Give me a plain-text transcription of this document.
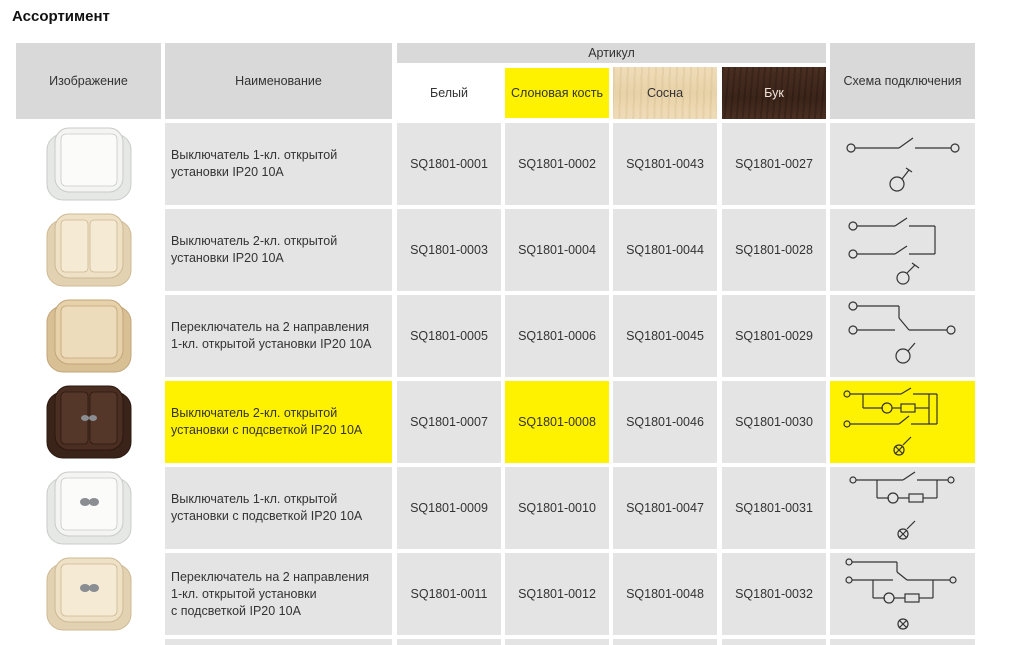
Ассортимент
Изображение	Наименование
Артикул
Белый	Слоновая кость	Сосна	Бук
Схема подключения
Выключатель 1-кл. открытой
установки IP20 10А
SQ1801-0001	SQ1801-0002	SQ1801-0043	SQ1801-0027
Выключатель 2-кл. открытой
установки IP20 10А
SQ1801-0003	SQ1801-0004	SQ1801-0044	SQ1801-0028
Переключатель на 2 направления
1-кл. открытой установки IP20 10А
SQ1801-0005	SQ1801-0006	SQ1801-0045	SQ1801-0029
Выключатель 2-кл. открытой
установки с подсветкой IP20 10А
SQ1801-0007	SQ1801-0008	SQ1801-0046	SQ1801-0030
Выключатель 1-кл. открытой
установки с подсветкой IP20 10А
SQ1801-0009	SQ1801-0010	SQ1801-0047	SQ1801-0031
Переключатель на 2 направления
1-кл. открытой установки
с подсветкой IP20 10А
SQ1801-0011	SQ1801-0012	SQ1801-0048	SQ1801-0032
